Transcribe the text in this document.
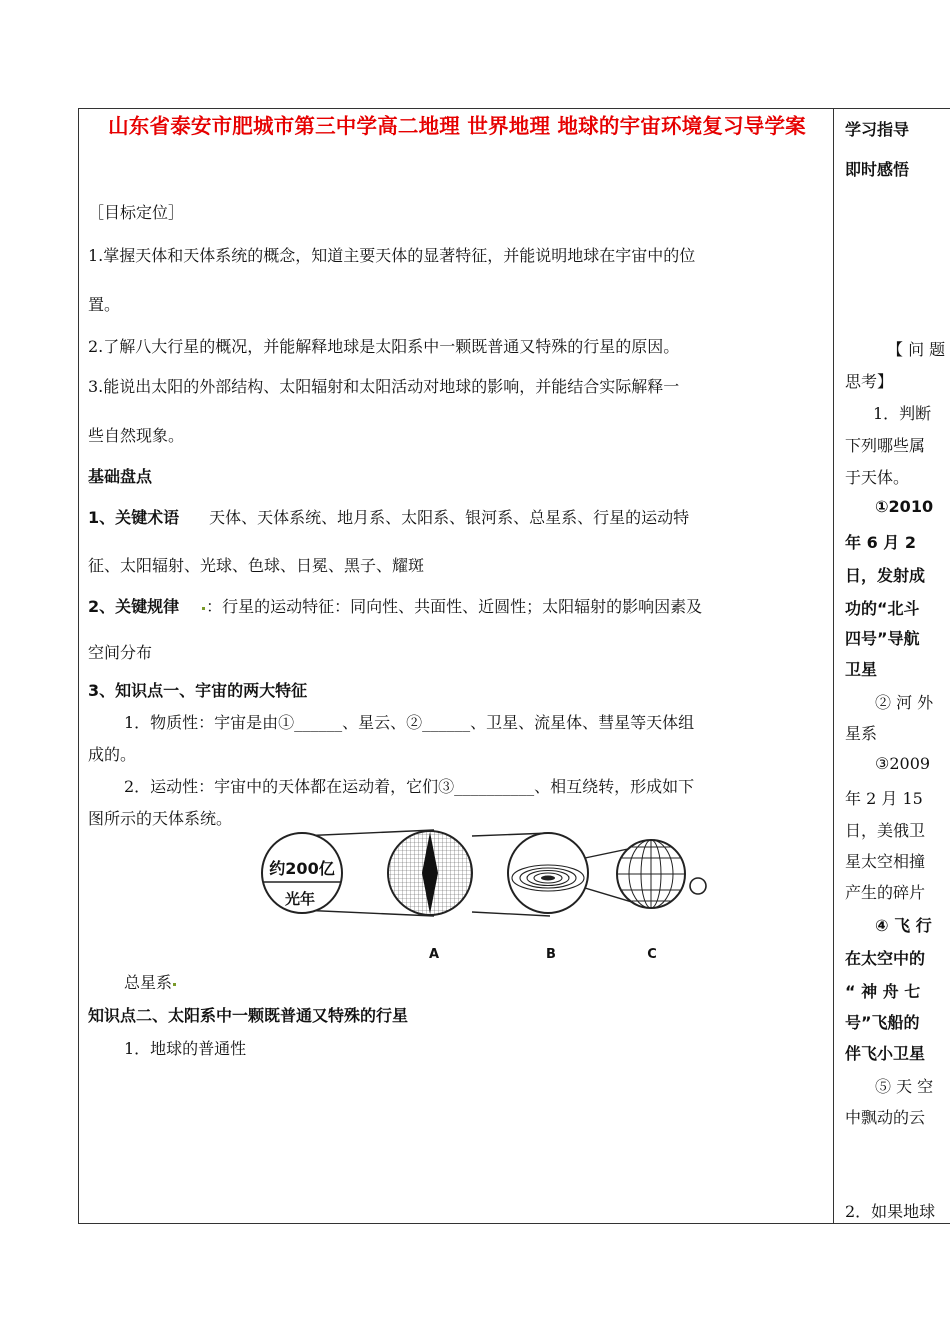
山东省泰安市肥城市第三中学高二地理 世界地理 地球的宇宙环境复习导学案

［目标定位］

1.掌握天体和天体系统的概念，知道主要天体的显著特征，并能说明地球在宇宙中的位

置。

2.了解八大行星的概况，并能解释地球是太阳系中一颗既普通又特殊的行星的原因。

3.能说出太阳的外部结构、太阳辐射和太阳活动对地球的影响，并能结合实际解释一

些自然现象。

基础盘点

1、关键术语 天体、天体系统、地月系、太阳系、银河系、总星系、行星的运动特

征、太阳辐射、光球、色球、日冕、黑子、耀斑

2、关键规律 ：行星的运动特征：同向性、共面性、近圆性；太阳辐射的影响因素及

空间分布

3、知识点一、宇宙的两大特征

1．物质性：宇宙是由①______、星云、②______、卫星、流星体、彗星等天体组

成的。

2．运动性：宇宙中的天体都在运动着，它们③__________、相互绕转，形成如下

图所示的天体系统。

总星系

知识点二、太阳系中一颗既普通又特殊的行星

1．地球的普通性

约200亿
光年
A	B	C

学习指导

即时感悟

【 问 题

思考】

1．判断

下列哪些属

于天体。

①2010

年 6 月 2

日，发射成

功的“北斗

四号”导航

卫星

② 河 外

星系

③2009

年 2 月 15

日，美俄卫

星太空相撞

产生的碎片

④ 飞 行

在太空中的

“ 神 舟 七

号”飞船的

伴飞小卫星

⑤ 天 空

中飘动的云

2．如果地球
